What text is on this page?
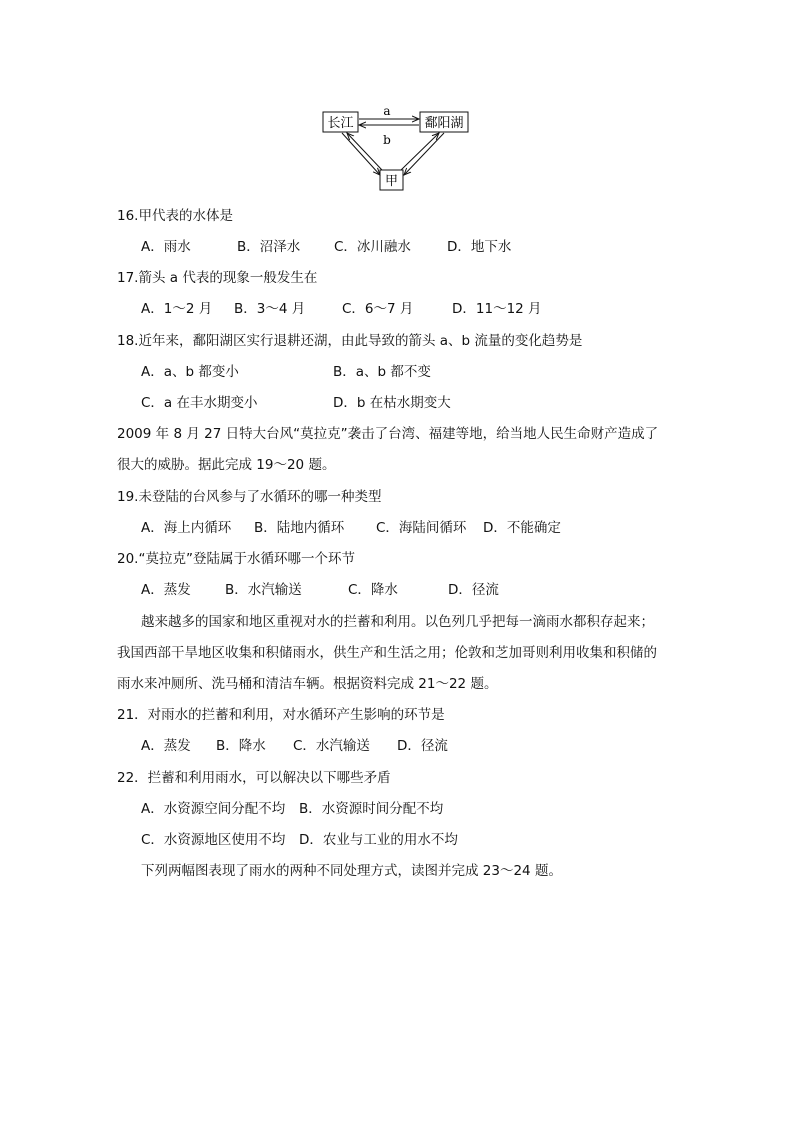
长江	鄱阳湖
甲
a
b
16.甲代表的水体是
A．雨水	B．沼泽水 C．冰川融水	D．地下水
17.箭头 a 代表的现象一般发生在
A．1～2 月 B．3～4 月	C．6～7 月	D．11～12 月
18.近年来，鄱阳湖区实行退耕还湖，由此导致的箭头 a、b 流量的变化趋势是
A．a、b 都变小	B．a、b 都不变
C．a 在丰水期变小	D．b 在枯水期变大
2009 年 8 月 27 日特大台风“莫拉克”袭击了台湾、福建等地，给当地人民生命财产造成了
很大的威胁。据此完成 19～20 题。
19.未登陆的台风参与了水循环的哪一种类型
A．海上内循环 B．陆地内循环 C．海陆间循环 D．不能确定
20.“莫拉克”登陆属于水循环哪一个环节
A．蒸发	B．水汽输送	C．降水	D．径流
越来越多的国家和地区重视对水的拦蓄和利用。以色列几乎把每一滴雨水都积存起来；
我国西部干旱地区收集和积储雨水，供生产和生活之用；伦敦和芝加哥则利用收集和积储的
雨水来冲厕所、洗马桶和清洁车辆。根据资料完成 21～22 题。
21．对雨水的拦蓄和利用，对水循环产生影响的环节是
A．蒸发 B．降水 C．水汽输送 D．径流
22．拦蓄和利用雨水，可以解决以下哪些矛盾
A．水资源空间分配不均 B．水资源时间分配不均
C．水资源地区使用不均 D．农业与工业的用水不均
下列两幅图表现了雨水的两种不同处理方式，读图并完成 23～24 题。
